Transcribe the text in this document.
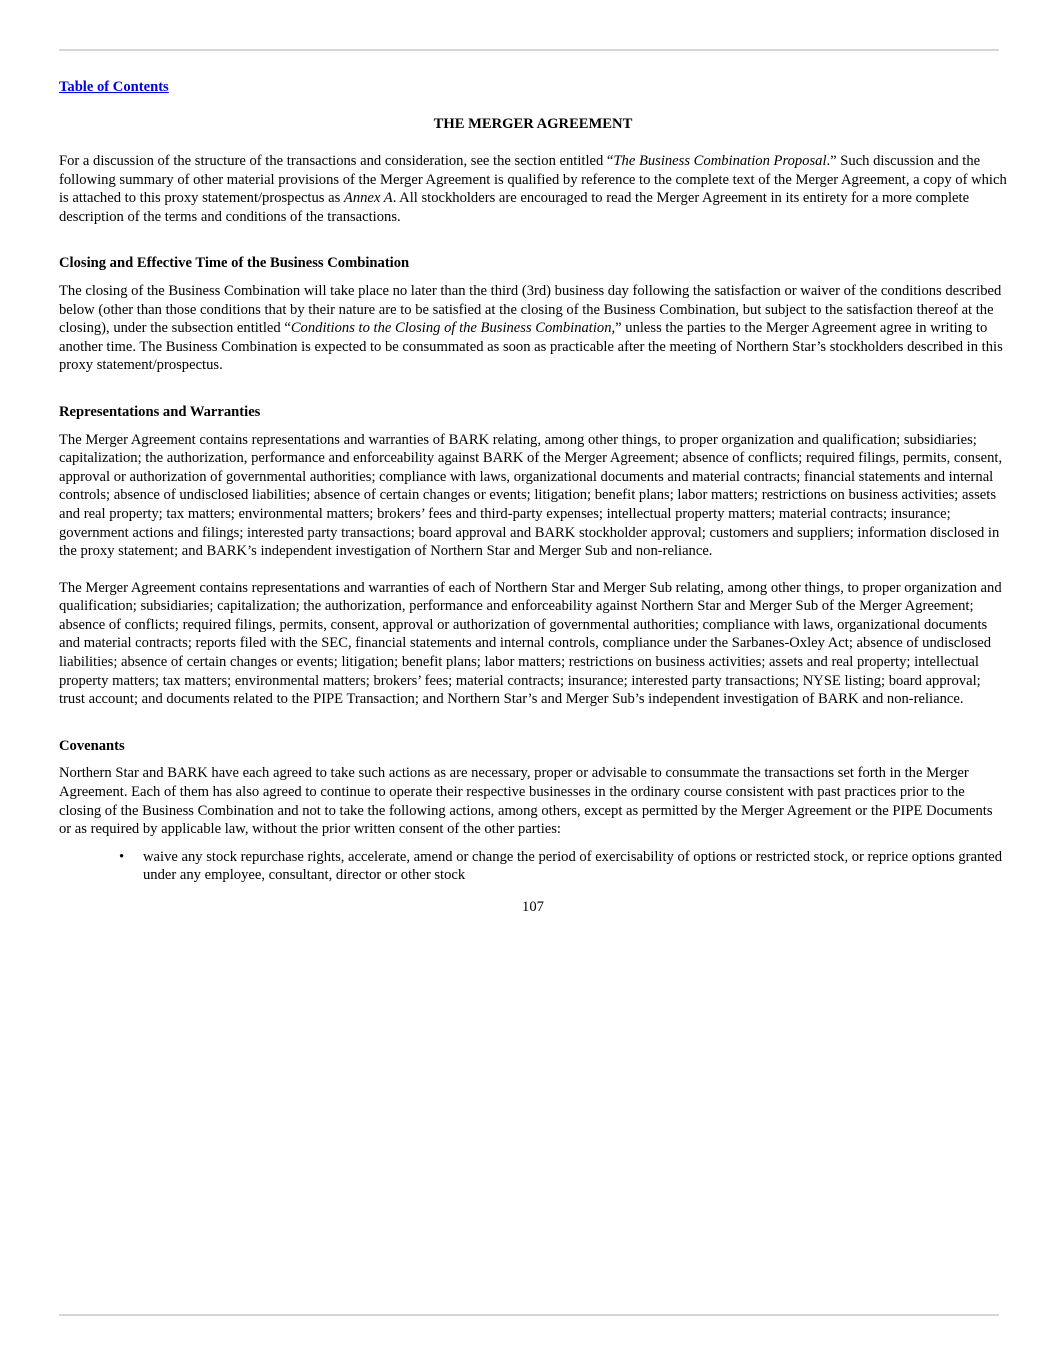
Table of Contents
THE MERGER AGREEMENT

For a discussion of the structure of the transactions and consideration, see the section entitled “The Business Combination Proposal.” Such discussion and the following summary of other material provisions of the Merger Agreement is qualified by reference to the complete text of the Merger Agreement, a copy of which is attached to this proxy statement/prospectus as Annex A. All stockholders are encouraged to read the Merger Agreement in its entirety for a more complete description of the terms and conditions of the transactions.

Closing and Effective Time of the Business Combination

The closing of the Business Combination will take place no later than the third (3rd) business day following the satisfaction or waiver of the conditions described below (other than those conditions that by their nature are to be satisfied at the closing of the Business Combination, but subject to the satisfaction thereof at the closing), under the subsection entitled “Conditions to the Closing of the Business Combination,” unless the parties to the Merger Agreement agree in writing to another time. The Business Combination is expected to be consummated as soon as practicable after the meeting of Northern Star’s stockholders described in this proxy statement/prospectus.

Representations and Warranties

The Merger Agreement contains representations and warranties of BARK relating, among other things, to proper organization and qualification; subsidiaries; capitalization; the authorization, performance and enforceability against BARK of the Merger Agreement; absence of conflicts; required filings, permits, consent, approval or authorization of governmental authorities; compliance with laws, organizational documents and material contracts; financial statements and internal controls; absence of undisclosed liabilities; absence of certain changes or events; litigation; benefit plans; labor matters; restrictions on business activities; assets and real property; tax matters; environmental matters; brokers’ fees and third-party expenses; intellectual property matters; material contracts; insurance; government actions and filings; interested party transactions; board approval and BARK stockholder approval; customers and suppliers; information disclosed in the proxy statement; and BARK’s independent investigation of Northern Star and Merger Sub and non-reliance.

The Merger Agreement contains representations and warranties of each of Northern Star and Merger Sub relating, among other things, to proper organization and qualification; subsidiaries; capitalization; the authorization, performance and enforceability against Northern Star and Merger Sub of the Merger Agreement; absence of conflicts; required filings, permits, consent, approval or authorization of governmental authorities; compliance with laws, organizational documents and material contracts; reports filed with the SEC, financial statements and internal controls, compliance under the Sarbanes-Oxley Act; absence of undisclosed liabilities; absence of certain changes or events; litigation; benefit plans; labor matters; restrictions on business activities; assets and real property; intellectual property matters; tax matters; environmental matters; brokers’ fees; material contracts; insurance; interested party transactions; NYSE listing; board approval; trust account; and documents related to the PIPE Transaction; and Northern Star’s and Merger Sub’s independent investigation of BARK and non-reliance.

Covenants

Northern Star and BARK have each agreed to take such actions as are necessary, proper or advisable to consummate the transactions set forth in the Merger Agreement. Each of them has also agreed to continue to operate their respective businesses in the ordinary course consistent with past practices prior to the closing of the Business Combination and not to take the following actions, among others, except as permitted by the Merger Agreement or the PIPE Documents or as required by applicable law, without the prior written consent of the other parties:

• waive any stock repurchase rights, accelerate, amend or change the period of exercisability of options or restricted stock, or reprice options granted under any employee, consultant, director or other stock
107
